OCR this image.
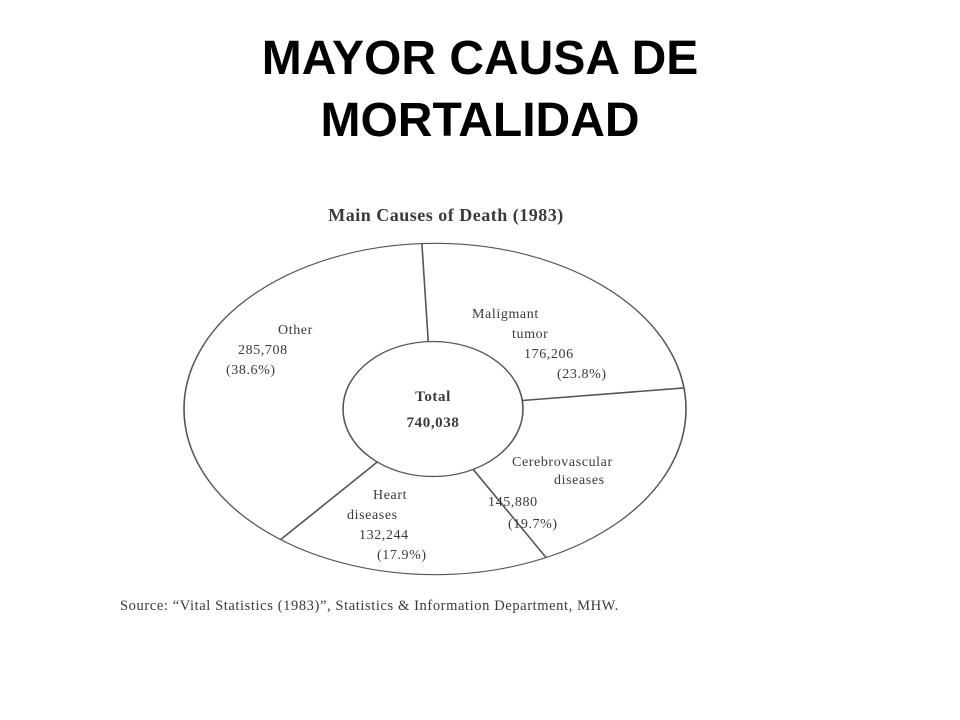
MAYOR CAUSA DE
MORTALIDAD
Main Causes of Death (1983)
Total
740,038
Maligmant
tumor
176,206
(23.8%)
Cerebrovascular
diseases
145,880
(19.7%)
Heart
diseases
132,244
(17.9%)
Other
285,708
(38.6%)
Source: “Vital Statistics (1983)”, Statistics & Information Department, MHW.
